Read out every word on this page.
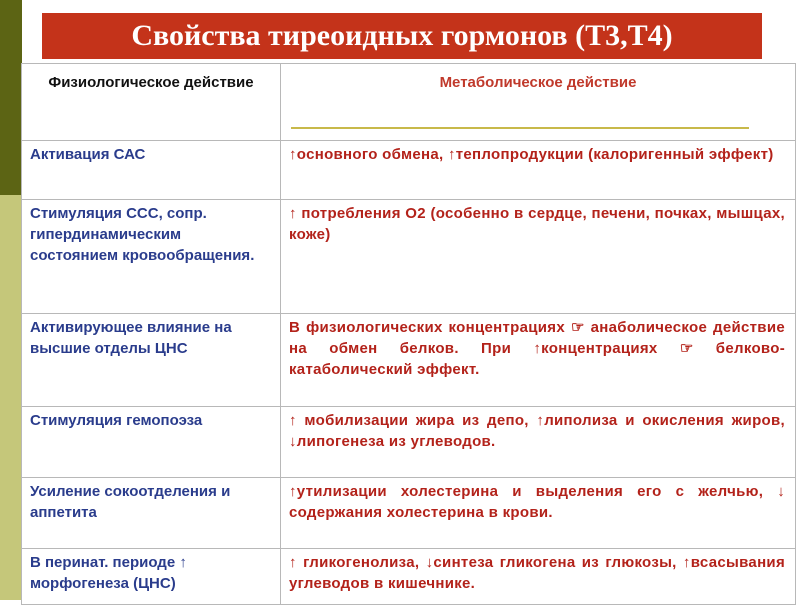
Свойства тиреоидных гормонов (Т3,Т4)
Физиологическое действие	Метаболическое действие

Активация САС	↑основного обмена, ↑теплопродукции (калоригенный эффект)
Стимуляция ССС, сопр. гипердинамическим состоянием кровообращения.	↑ потребления О2 (особенно в сердце, печени, почках, мышцах, коже)
Активирующее влияние на высшие отделы ЦНС	В физиологических концентрациях ☞ анаболическое действие на обмен белков. При ↑концентрациях ☞ белково-катаболический эффект.
Стимуляция гемопоэза	↑ мобилизации жира из депо, ↑липолиза и окисления жиров, ↓липогенеза из углеводов.
Усиление сокоотделения и аппетита	↑утилизации холестерина и выделения его с желчью, ↓ содержания холестерина в крови.
В перинат. периоде ↑ морфогенеза (ЦНС)	↑ гликогенолиза, ↓синтеза гликогена из глюкозы, ↑всасывания углеводов в кишечнике.
